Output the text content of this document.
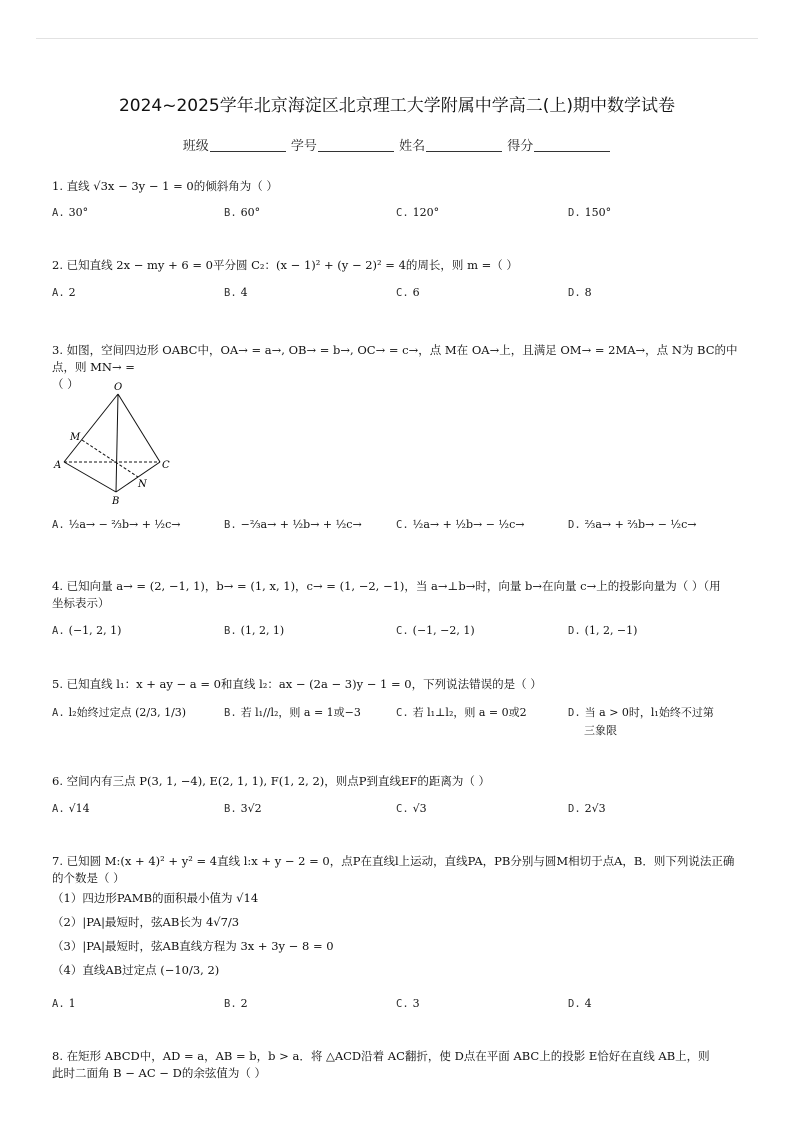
2024~2025学年北京海淀区北京理工大学附属中学高二(上)期中数学试卷
班级	学号	姓名	得分
1. 直线 √3x − 3y − 1 = 0的倾斜角为（ ）
A. 30°	B. 60°	C. 120°	D. 150°
2. 已知直线 2x − my + 6 = 0平分圆 C₂：(x − 1)² + (y − 2)² = 4的周长，则 m =（ ）
A. 2	B. 4	C. 6	D. 8
3. 如图，空间四边形 OABC中，OA→ = a→, OB→ = b→, OC→ = c→，点 M在 OA→上，且满足 OM→ = 2MA→，点 N为 BC的中点，则 MN→ =
（ ）	O
M
A	C
N
B
A. ½a→ − ⅔b→ + ½c→	B. −⅔a→ + ½b→ + ½c→	C. ½a→ + ½b→ − ½c→	D. ⅔a→ + ⅔b→ − ½c→
4. 已知向量 a→ = (2, −1, 1)，b→ = (1, x, 1)，c→ = (1, −2, −1)，当 a→⊥b→时，向量 b→在向量 c→上的投影向量为（ ）（用
坐标表示）
A. (−1, 2, 1)	B. (1, 2, 1)	C. (−1, −2, 1)	D. (1, 2, −1)
5. 已知直线 l₁：x + ay − a = 0和直线 l₂：ax − (2a − 3)y − 1 = 0，下列说法错误的是（ ）
A. l₂始终过定点 (2/3, 1/3)	B. 若 l₁//l₂，则 a = 1或−3	C. 若 l₁⊥l₂，则 a = 0或2	D. 当 a > 0时，l₁始终不过第
三象限
6. 空间内有三点 P(3, 1, −4), E(2, 1, 1), F(1, 2, 2)，则点P到直线EF的距离为（ ）
A. √14	B. 3√2	C. √3	D. 2√3
7. 已知圆 M:(x + 4)² + y² = 4直线 l:x + y − 2 = 0，点P在直线l上运动，直线PA，PB分别与圆M相切于点A，B．则下列说法正确
的个数是（ ）
（1）四边形PAMB的面积最小值为 √14
（2）|PA|最短时，弦AB长为 4√7/3
（3）|PA|最短时，弦AB直线方程为 3x + 3y − 8 = 0
（4）直线AB过定点 (−10/3, 2)
A. 1	B. 2	C. 3	D. 4
8. 在矩形 ABCD中，AD = a，AB = b，b > a．将 △ACD沿着 AC翻折，使 D点在平面 ABC上的投影 E恰好在直线 AB上，则
此时二面角 B − AC − D的余弦值为（ ）
